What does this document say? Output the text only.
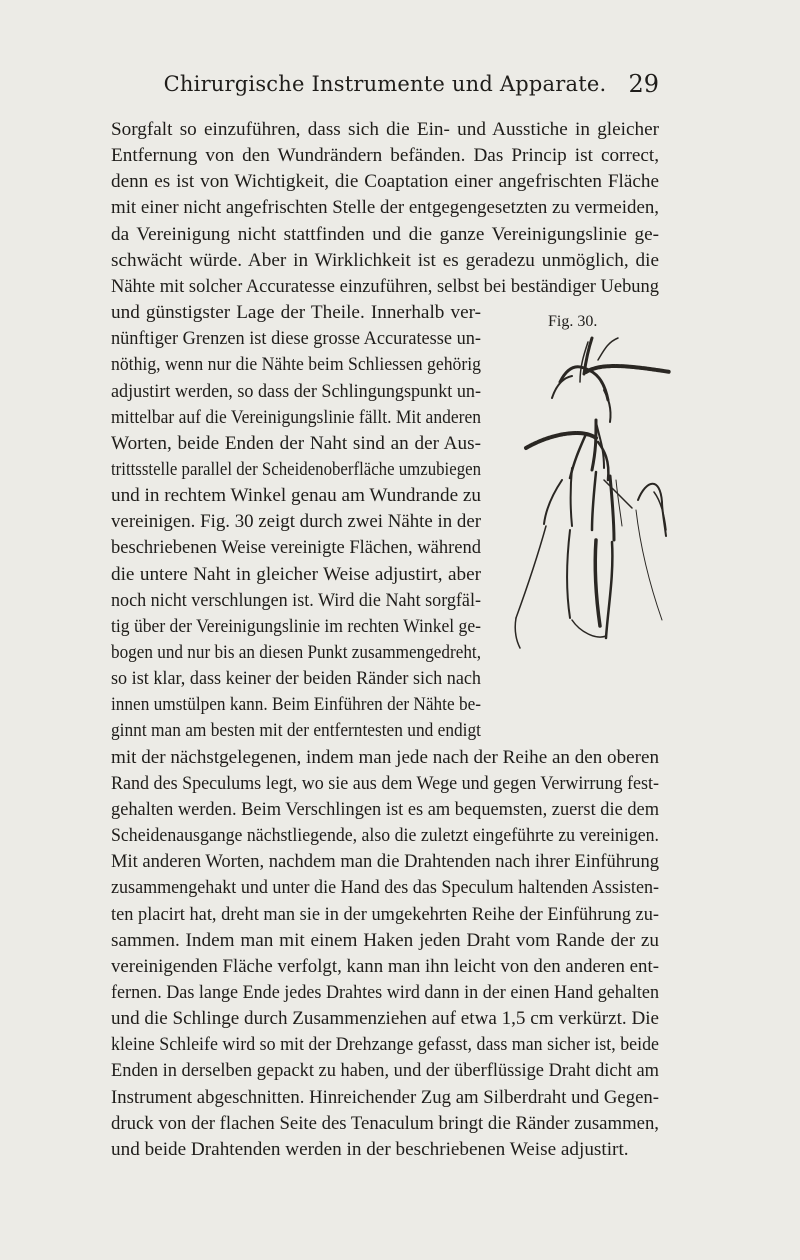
Chirurgische Instrumente und Apparate. 29
Fig. 30.
Sorgfalt so einzuführen, dass sich die Ein- und Ausstiche in gleicher
Entfernung von den Wundrändern befänden. Das Princip ist correct,
denn es ist von Wichtigkeit, die Coaptation einer angefrischten Fläche
mit einer nicht angefrischten Stelle der entgegengesetzten zu vermeiden,
da Vereinigung nicht stattfinden und die ganze Vereinigungslinie ge-
schwächt würde. Aber in Wirklichkeit ist es geradezu unmöglich, die
Nähte mit solcher Accuratesse einzuführen, selbst bei beständiger Uebung
und günstigster Lage der Theile. Innerhalb ver-
nünftiger Grenzen ist diese grosse Accuratesse un-
nöthig, wenn nur die Nähte beim Schliessen gehörig
adjustirt werden, so dass der Schlingungspunkt un-
mittelbar auf die Vereinigungslinie fällt. Mit anderen
Worten, beide Enden der Naht sind an der Aus-
trittsstelle parallel der Scheidenoberfläche umzubiegen
und in rechtem Winkel genau am Wundrande zu
vereinigen. Fig. 30 zeigt durch zwei Nähte in der
beschriebenen Weise vereinigte Flächen, während
die untere Naht in gleicher Weise adjustirt, aber
noch nicht verschlungen ist. Wird die Naht sorgfäl-
tig über der Vereinigungslinie im rechten Winkel ge-
bogen und nur bis an diesen Punkt zusammengedreht,
so ist klar, dass keiner der beiden Ränder sich nach
innen umstülpen kann. Beim Einführen der Nähte be-
ginnt man am besten mit der entferntesten und endigt
mit der nächstgelegenen, indem man jede nach der Reihe an den oberen
Rand des Speculums legt, wo sie aus dem Wege und gegen Verwirrung fest-
gehalten werden. Beim Verschlingen ist es am bequemsten, zuerst die dem
Scheidenausgange nächstliegende, also die zuletzt eingeführte zu vereinigen.
Mit anderen Worten, nachdem man die Drahtenden nach ihrer Einführung
zusammengehakt und unter die Hand des das Speculum haltenden Assisten-
ten placirt hat, dreht man sie in der umgekehrten Reihe der Einführung zu-
sammen. Indem man mit einem Haken jeden Draht vom Rande der zu
vereinigenden Fläche verfolgt, kann man ihn leicht von den anderen ent-
fernen. Das lange Ende jedes Drahtes wird dann in der einen Hand gehalten
und die Schlinge durch Zusammenziehen auf etwa 1,5 cm verkürzt. Die
kleine Schleife wird so mit der Drehzange gefasst, dass man sicher ist, beide
Enden in derselben gepackt zu haben, und der überflüssige Draht dicht am
Instrument abgeschnitten. Hinreichender Zug am Silberdraht und Gegen-
druck von der flachen Seite des Tenaculum bringt die Ränder zusammen,
und beide Drahtenden werden in der beschriebenen Weise adjustirt.
